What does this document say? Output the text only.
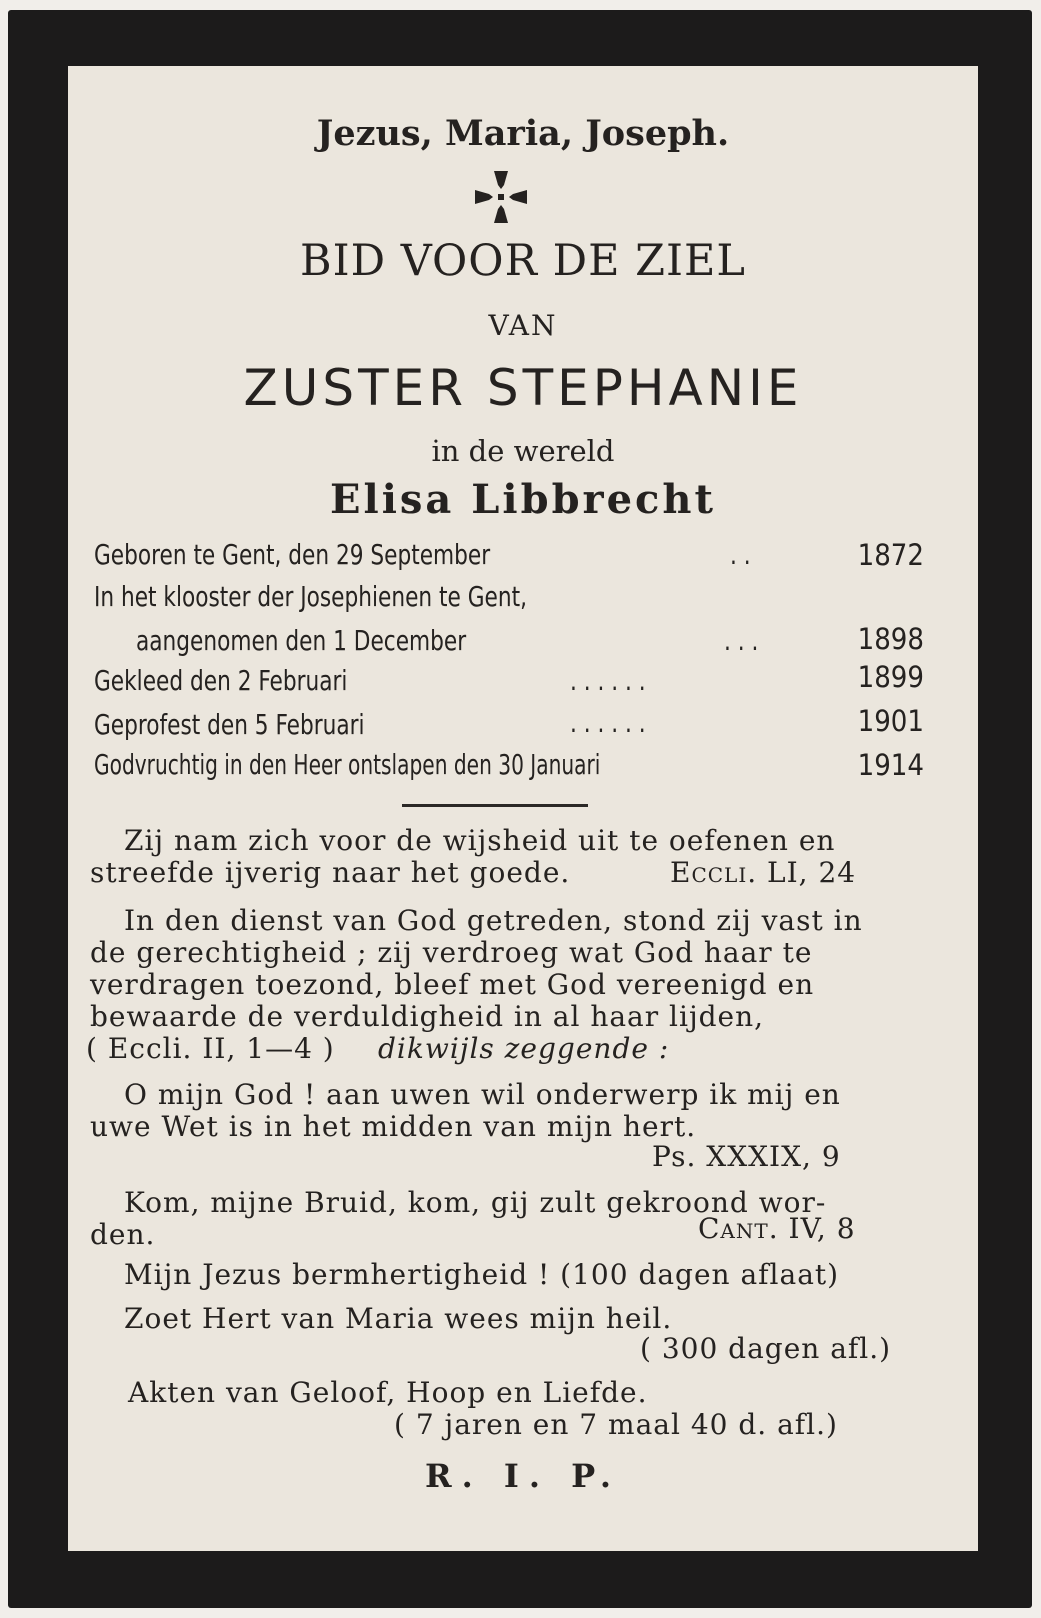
Jezus, Maria, Joseph.
BID VOOR DE ZIEL
VAN
ZUSTER STEPHANIE
in de wereld
Elisa Libbrecht
Geboren te Gent, den 29 September	. .	1872
In het klooster der Josephienen te Gent,
aangenomen den 1 December	. . .	1898
Gekleed den 2 Februari	. . . . . .	1899
Geprofest den 5 Februari	. . . . . .	1901
Godvruchtig in den Heer ontslapen den 30 Januari	1914
Zij nam zich voor de wijsheid uit te oefenen en
streefde ijverig naar het goede.	Eccli. LI, 24
In den dienst van God getreden, stond zij vast in
de gerechtigheid ; zij verdroeg wat God haar te
verdragen toezond, bleef met God vereenigd en
bewaarde de verduldigheid in al haar lijden,
( Eccli. II, 1—4 ) dikwijls zeggende :
O mijn God ! aan uwen wil onderwerp ik mij en
uwe Wet is in het midden van mijn hert.
Ps. XXXIX, 9
Kom, mijne Bruid, kom, gij zult gekroond wor-
den.	Cant. IV, 8
Mijn Jezus bermhertigheid ! (100 dagen aflaat)
Zoet Hert van Maria wees mijn heil.
( 300 dagen afl.)
Akten van Geloof, Hoop en Liefde.
( 7 jaren en 7 maal 40 d. afl.)
R. I. P.
